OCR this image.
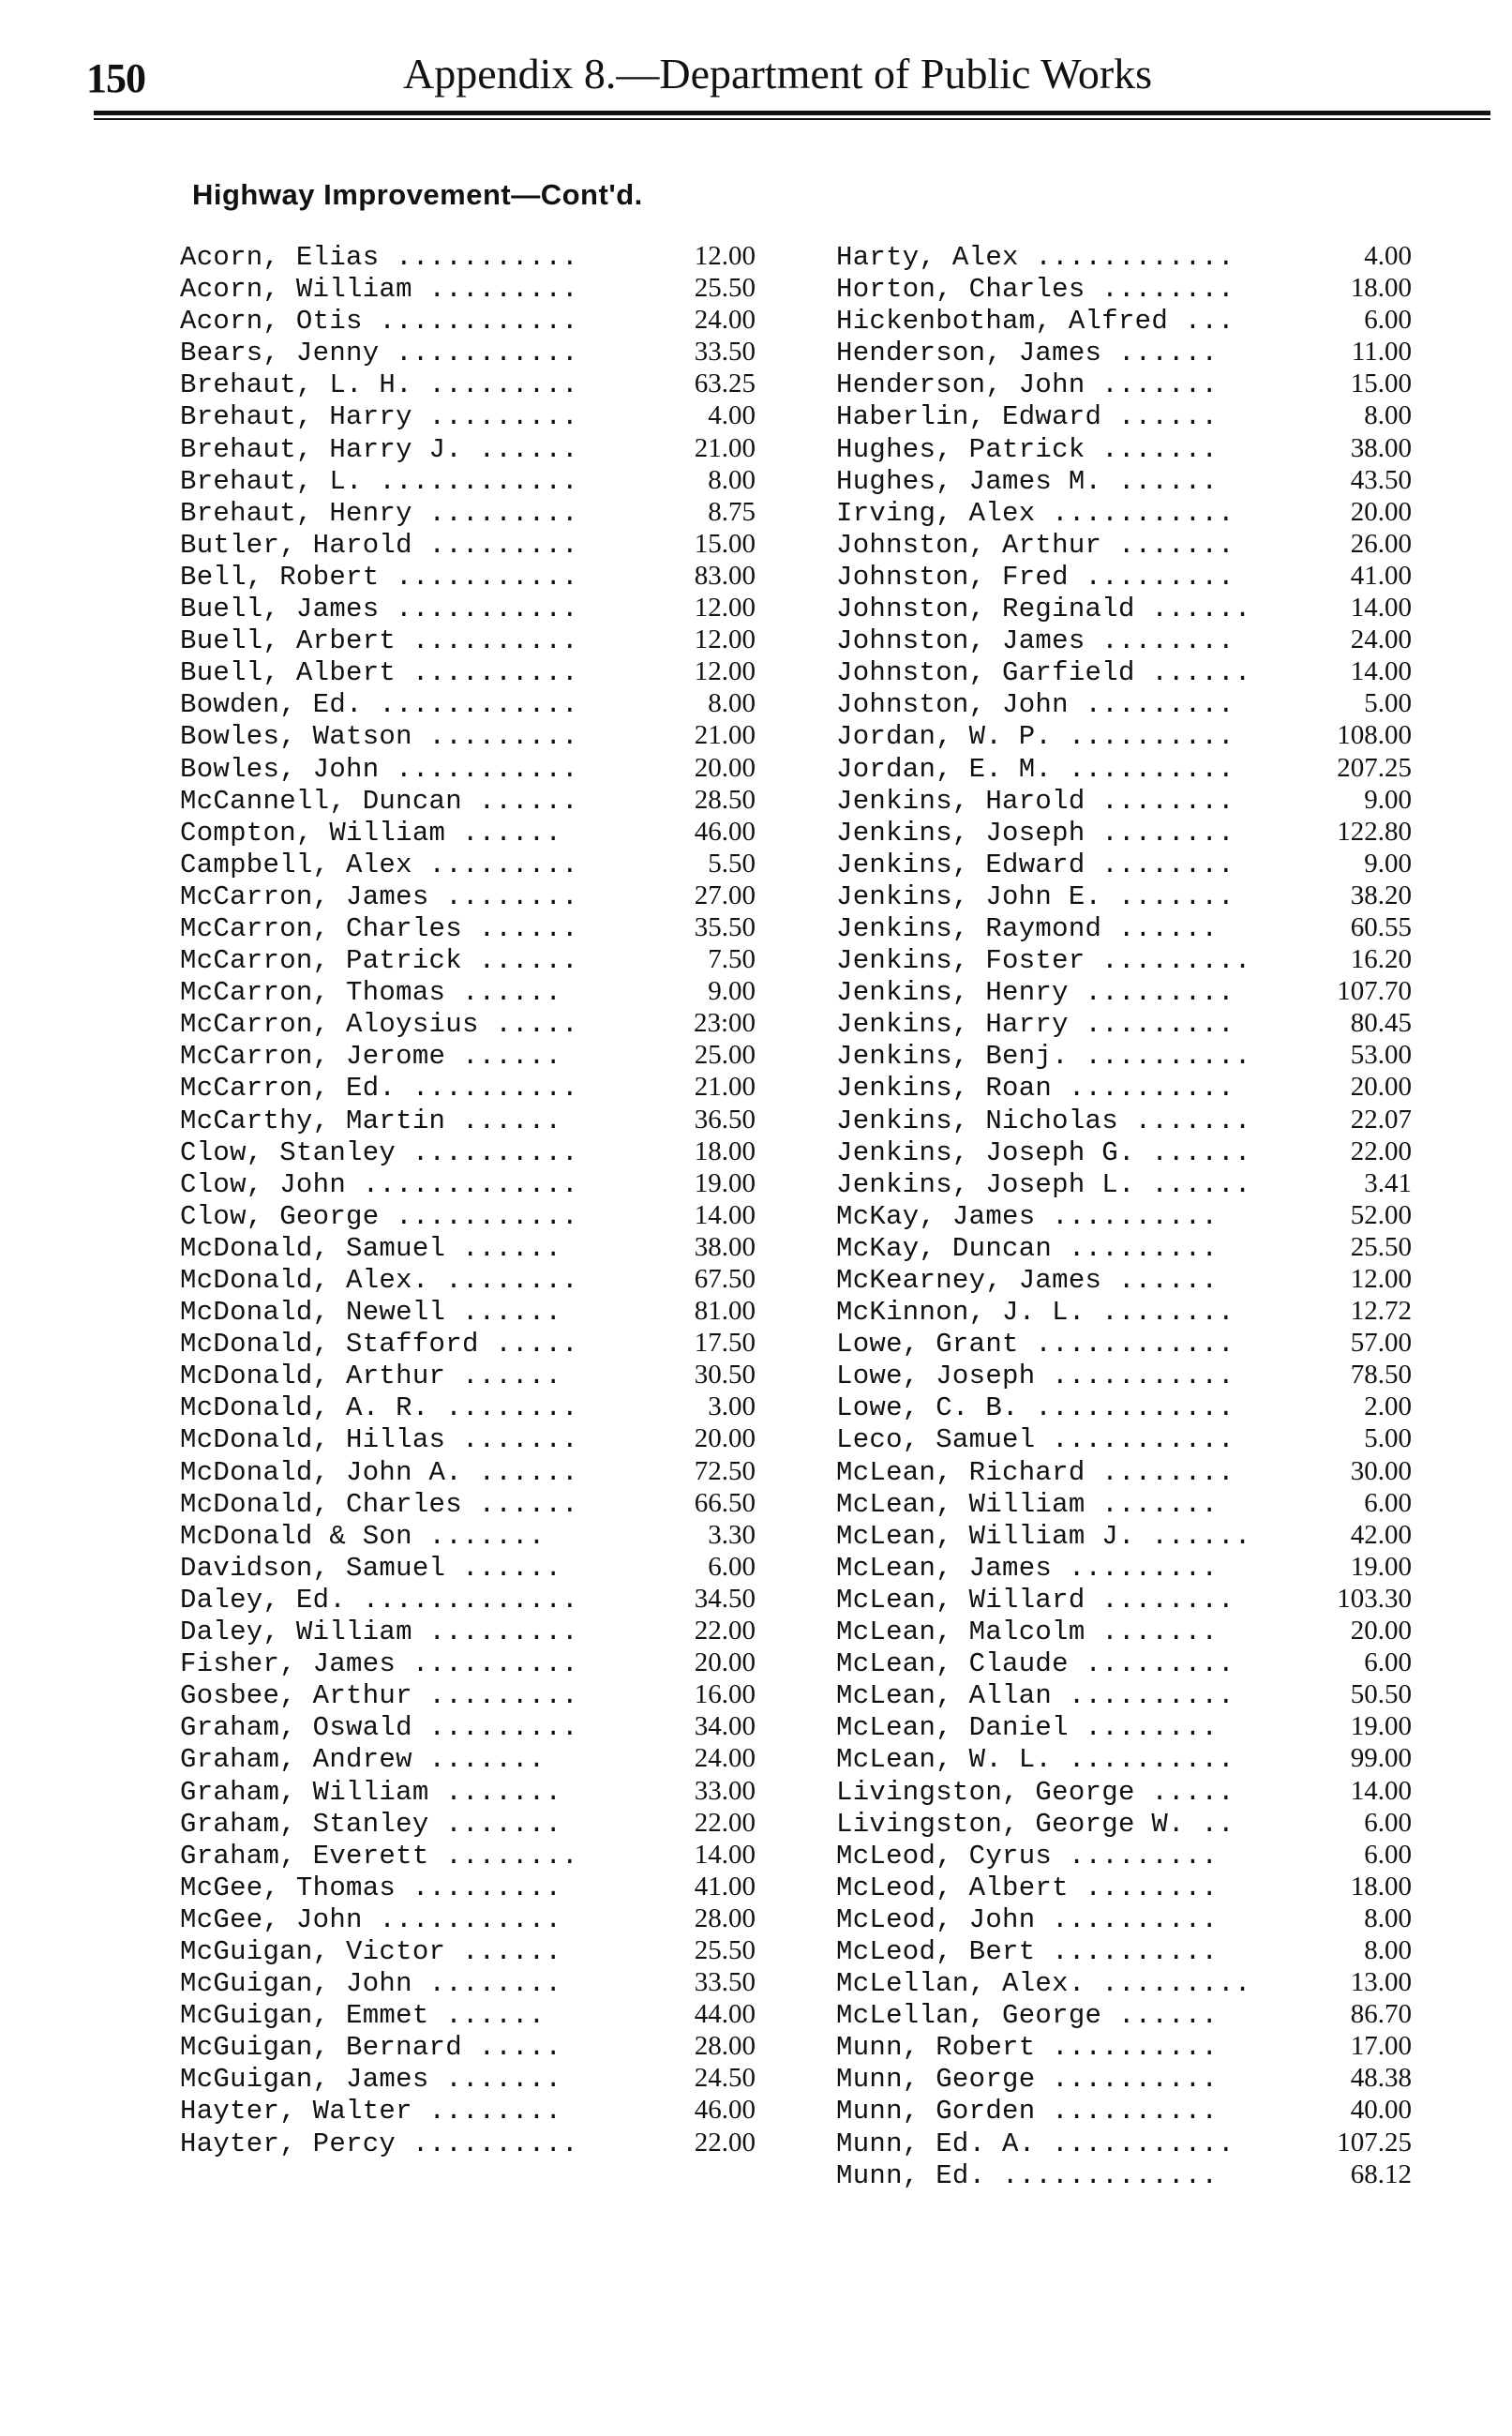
150	Appendix 8.—Department of Public Works
Highway Improvement—Cont'd.
Acorn, Elias ...........	12.00
Acorn, William .........	25.50
Acorn, Otis ............	24.00
Bears, Jenny ...........	33.50
Brehaut, L. H. .........	63.25
Brehaut, Harry .........	4.00
Brehaut, Harry J. ......	21.00
Brehaut, L. ............	8.00
Brehaut, Henry .........	8.75
Butler, Harold .........	15.00
Bell, Robert ...........	83.00
Buell, James ...........	12.00
Buell, Arbert ..........	12.00
Buell, Albert ..........	12.00
Bowden, Ed. ............	8.00
Bowles, Watson .........	21.00
Bowles, John ...........	20.00
McCannell, Duncan ......	28.50
Compton, William ......	46.00
Campbell, Alex .........	5.50
McCarron, James ........	27.00
McCarron, Charles ......	35.50
McCarron, Patrick ......	7.50
McCarron, Thomas ......	9.00
McCarron, Aloysius .....	23:00
McCarron, Jerome ......	25.00
McCarron, Ed. ..........	21.00
McCarthy, Martin ......	36.50
Clow, Stanley ..........	18.00
Clow, John .............	19.00
Clow, George ...........	14.00
McDonald, Samuel ......	38.00
McDonald, Alex. ........	67.50
McDonald, Newell ......	81.00
McDonald, Stafford .....	17.50
McDonald, Arthur ......	30.50
McDonald, A. R. ........	3.00
McDonald, Hillas .......	20.00
McDonald, John A. ......	72.50
McDonald, Charles ......	66.50
McDonald & Son .......	3.30
Davidson, Samuel ......	6.00
Daley, Ed. .............	34.50
Daley, William .........	22.00
Fisher, James ..........	20.00
Gosbee, Arthur .........	16.00
Graham, Oswald .........	34.00
Graham, Andrew .......	24.00
Graham, William .......	33.00
Graham, Stanley .......	22.00
Graham, Everett ........	14.00
McGee, Thomas .........	41.00
McGee, John ...........	28.00
McGuigan, Victor ......	25.50
McGuigan, John ........	33.50
McGuigan, Emmet ......	44.00
McGuigan, Bernard .....	28.00
McGuigan, James .......	24.50
Hayter, Walter ........	46.00
Hayter, Percy ..........	22.00
Harty, Alex ............	4.00
Horton, Charles ........	18.00
Hickenbotham, Alfred ...	6.00
Henderson, James ......	11.00
Henderson, John .......	15.00
Haberlin, Edward ......	8.00
Hughes, Patrick .......	38.00
Hughes, James M. ......	43.50
Irving, Alex ...........	20.00
Johnston, Arthur .......	26.00
Johnston, Fred .........	41.00
Johnston, Reginald ......	14.00
Johnston, James ........	24.00
Johnston, Garfield ......	14.00
Johnston, John .........	5.00
Jordan, W. P. ..........	108.00
Jordan, E. M. ..........	207.25
Jenkins, Harold ........	9.00
Jenkins, Joseph ........	122.80
Jenkins, Edward ........	9.00
Jenkins, John E. .......	38.20
Jenkins, Raymond ......	60.55
Jenkins, Foster .........	16.20
Jenkins, Henry .........	107.70
Jenkins, Harry .........	80.45
Jenkins, Benj. ..........	53.00
Jenkins, Roan ..........	20.00
Jenkins, Nicholas .......	22.07
Jenkins, Joseph G. ......	22.00
Jenkins, Joseph L. ......	3.41
McKay, James ..........	52.00
McKay, Duncan .........	25.50
McKearney, James ......	12.00
McKinnon, J. L. ........	12.72
Lowe, Grant ............	57.00
Lowe, Joseph ...........	78.50
Lowe, C. B. ............	2.00
Leco, Samuel ...........	5.00
McLean, Richard ........	30.00
McLean, William .......	6.00
McLean, William J. ......	42.00
McLean, James .........	19.00
McLean, Willard ........	103.30
McLean, Malcolm .......	20.00
McLean, Claude .........	6.00
McLean, Allan ..........	50.50
McLean, Daniel ........	19.00
McLean, W. L. ..........	99.00
Livingston, George .....	14.00
Livingston, George W. ..	6.00
McLeod, Cyrus .........	6.00
McLeod, Albert ........	18.00
McLeod, John ..........	8.00
McLeod, Bert ..........	8.00
McLellan, Alex. .........	13.00
McLellan, George ......	86.70
Munn, Robert ..........	17.00
Munn, George ..........	48.38
Munn, Gorden ..........	40.00
Munn, Ed. A. ...........	107.25
Munn, Ed. .............	68.12
